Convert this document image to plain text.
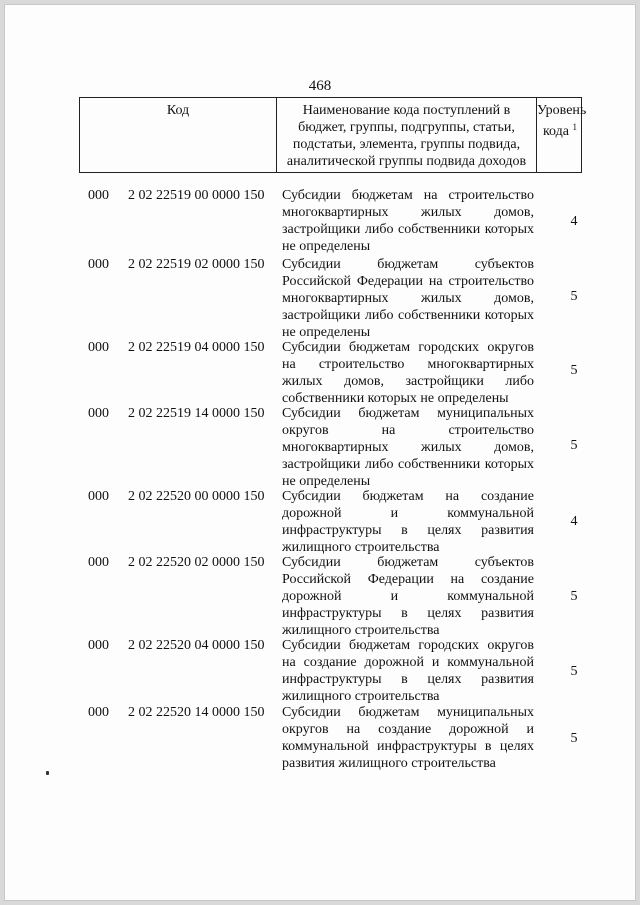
468
Код	Наименование кода поступлений в бюджет, группы, подгруппы, статьи, подстатьи, элемента, группы подвида, аналитической группы подвида доходов
Уровень
кода $^1$
000 2 02 22519 00 0000 150 Субсидии бюджетам на строительство многоквартирных жилых домов, застройщики либо собственники которых не определены
4
000 2 02 22519 02 0000 150 Субсидии бюджетам субъектов Российской Федерации на строительство многоквартирных жилых домов, застройщики либо собственники которых не определены
5
000 2 02 22519 04 0000 150 Субсидии бюджетам городских округов на строительство многоквартирных жилых домов, застройщики либо собственники которых не определены
5
000 2 02 22519 14 0000 150 Субсидии бюджетам муниципальных округов на строительство многоквартирных жилых домов, застройщики либо собственники которых не определены
5
000 2 02 22520 00 0000 150 Субсидии бюджетам на создание дорожной и коммунальной инфраструктуры в целях развития жилищного строительства
4
000 2 02 22520 02 0000 150 Субсидии бюджетам субъектов Российской Федерации на создание дорожной и коммунальной инфраструктуры в целях развития жилищного строительства
5
000 2 02 22520 04 0000 150 Субсидии бюджетам городских округов на создание дорожной и коммунальной инфраструктуры в целях развития жилищного строительства
5
000 2 02 22520 14 0000 150 Субсидии бюджетам муниципальных округов на создание дорожной и коммунальной инфраструктуры в целях развития жилищного строительства
5
